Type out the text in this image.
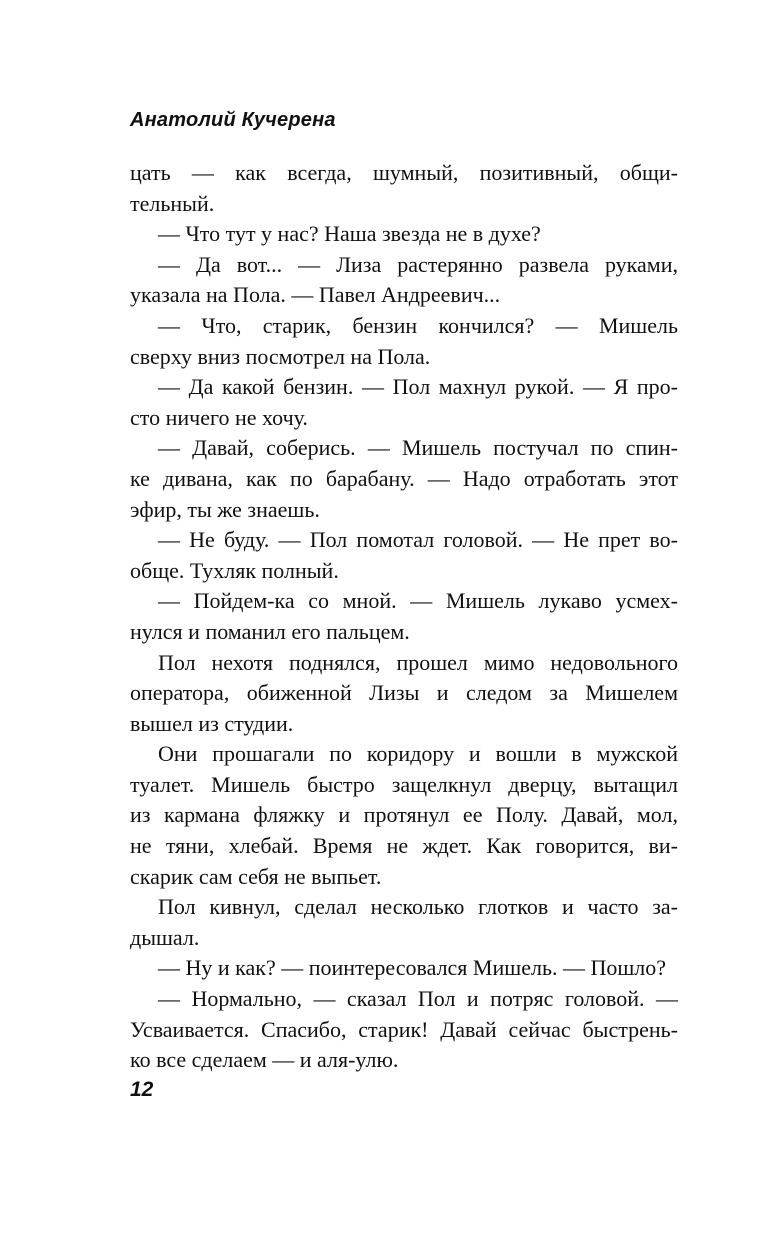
Анатолий Кучерена
цать — как всегда, шумный, позитивный, общи-
тельный.
— Что тут у нас? Наша звезда не в духе?
— Да вот... — Лиза растерянно развела руками,
указала на Пола. — Павел Андреевич...
— Что, старик, бензин кончился? — Мишель
сверху вниз посмотрел на Пола.
— Да какой бензин. — Пол махнул рукой. — Я про-
сто ничего не хочу.
— Давай, соберись. — Мишель постучал по спин-
ке дивана, как по барабану. — Надо отработать этот
эфир, ты же знаешь.
— Не буду. — Пол помотал головой. — Не прет во-
обще. Тухляк полный.
— Пойдем-ка со мной. — Мишель лукаво усмех-
нулся и поманил его пальцем.
Пол нехотя поднялся, прошел мимо недовольного
оператора, обиженной Лизы и следом за Мишелем
вышел из студии.
Они прошагали по коридору и вошли в мужской
туалет. Мишель быстро защелкнул дверцу, вытащил
из кармана фляжку и протянул ее Полу. Давай, мол,
не тяни, хлебай. Время не ждет. Как говорится, ви-
скарик сам себя не выпьет.
Пол кивнул, сделал несколько глотков и часто за-
дышал.
— Ну и как? — поинтересовался Мишель. — Пошло?
— Нормально, — сказал Пол и потряс головой. —
Усваивается. Спасибо, старик! Давай сейчас быстрень-
ко все сделаем — и аля-улю.
12
